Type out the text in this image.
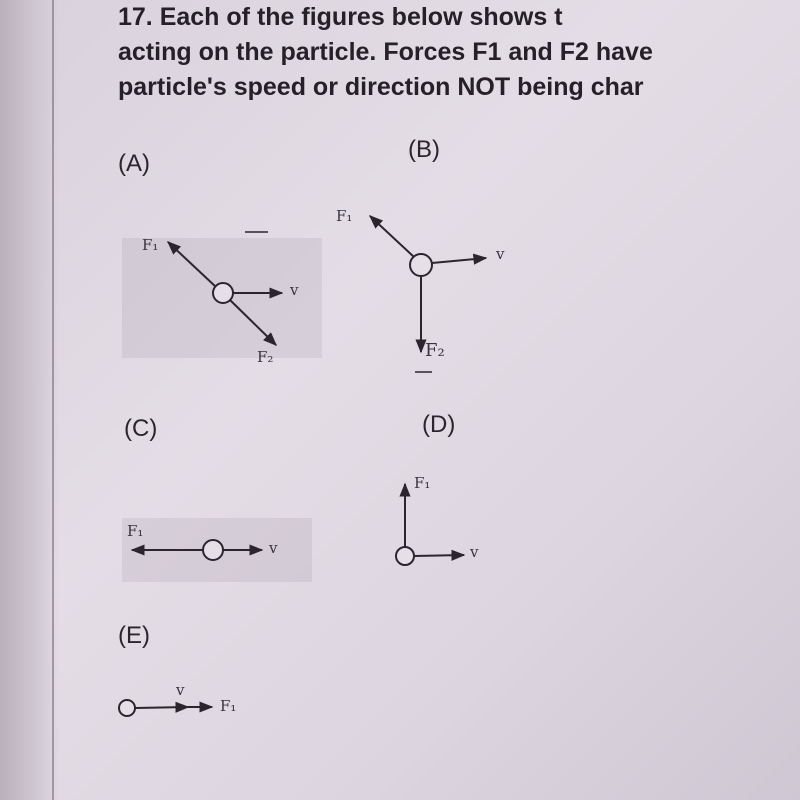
17. Each of the figures below shows t
acting on the particle. Forces F1 and F2 have
particle's speed or direction NOT being char
(A)
(B)
(C)	(D)
(E)
F₁
v
F₂
F₁
v
F₂
F₁
v
F₁
v
v
F₁
